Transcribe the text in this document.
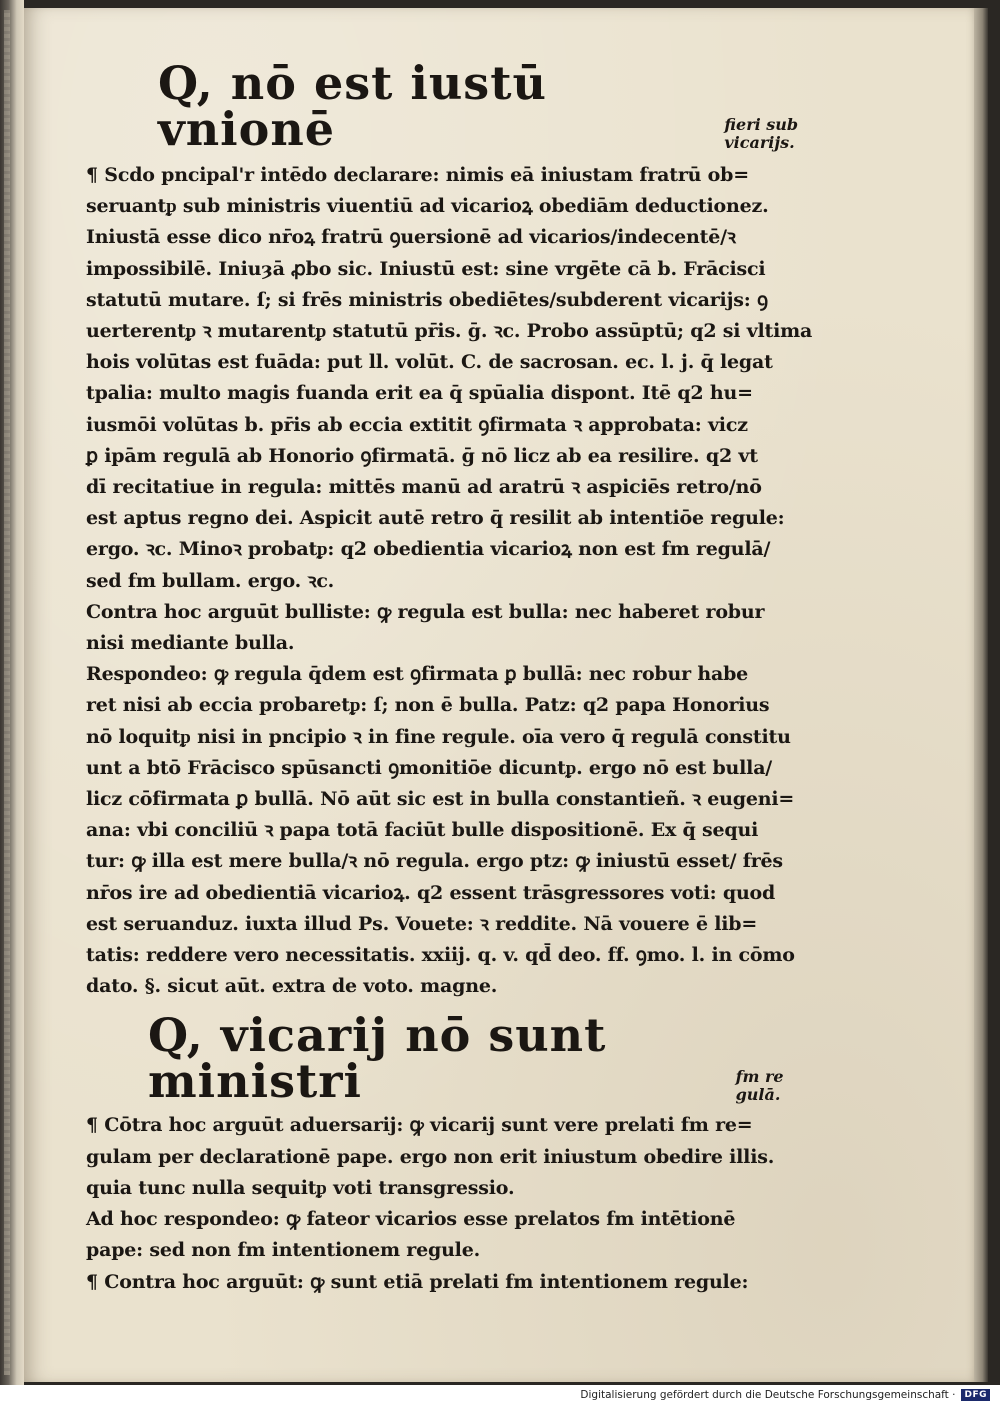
Q, nō est iustū vnionē	fieri sub
vicarijs.
¶ Scdo pncipal'r intēdo declarare: nimis eā iniustam fratrū ob=
seruantᵱ sub ministris viuentiū ad vicarioꝝ obediām deductionez.
Iniustā esse dico nr̄oꝝ fratrū ꝯuersionē ad vicarios/indecentē/ꝛ
impossibilē. Iniuȝā ꝓbo sic. Iniustū est: sine vrgēte cā b. Frācisci
statutū mutare. ſ; si frēs ministris obediētes/subderent vicarijs: ꝯ
uerterentᵱ ꝛ mutarentᵱ statutū pr̄is. ḡ. ꝛc. Probo assūptū; q2 si vltima
hois volūtas est fuāda: put ll. volūt. C. de sacrosan. ec. l. j. q̄ legat
tpalia: multo magis fuanda erit ea q̄ spūalia dispont. Itē q2 hu=
iusmōi volūtas b. pr̄is ab eccia extitit ꝯfirmata ꝛ approbata: vicz
ꝑ ipām regulā ab Honorio ꝯfirmatā. ḡ nō licz ab ea resilire. q2 vt
dī recitatiue in regula: mittēs manū ad aratrū ꝛ aspiciēs retro/nō
est aptus regno dei. Aspicit autē retro q̄ resilit ab intentiōe regule:
ergo. ꝛc. Minoꝛ probatᵱ: q2 obedientia vicarioꝝ non est fm regulā/
sed fm bullam. ergo. ꝛc.
Contra hoc arguūt bulliste: ꝙ regula est bulla: nec haberet robur
nisi mediante bulla.
Respondeo: ꝙ regula q̄dem est ꝯfirmata ꝑ bullā: nec robur habe
ret nisi ab eccia probaretᵱ: ſ; non ē bulla. Patz: q2 papa Honorius
nō loquitᵱ nisi in pncipio ꝛ in fine regule. oīa vero q̄ regulā constitu
unt a btō Frācisco spūsancti ꝯmonitiōe dicuntᵱ. ergo nō est bulla/
licz cōfirmata ꝑ bullā. Nō aūt sic est in bulla constantieñ. ꝛ eugeni=
ana: vbi conciliū ꝛ papa totā faciūt bulle dispositionē. Ex q̄ sequi
tur: ꝙ illa est mere bulla/ꝛ nō regula. ergo ptz: ꝙ iniustū esset/ frēs
nr̄os ire ad obedientiā vicarioꝝ. q2 essent trāsgressores voti: quod
est seruanduz. iuxta illud Ps. Vouete: ꝛ reddite. Nā vouere ē lib=
tatis: reddere vero necessitatis. xxiij. q. v. qd̄ deo. ff. ꝯmo. l. in cōmo
dato. §. sicut aūt. extra de voto. magne.
Q, vicarij nō sunt ministri	fm re
gulā.
¶ Cōtra hoc arguūt aduersarij: ꝙ vicarij sunt vere prelati fm re=
gulam per declarationē pape. ergo non erit iniustum obedire illis.
quia tunc nulla sequitᵱ voti transgressio.
Ad hoc respondeo: ꝙ fateor vicarios esse prelatos fm intētionē
pape: sed non fm intentionem regule.
¶ Contra hoc arguūt: ꝙ sunt etiā prelati fm intentionem regule:
Digitalisierung gefördert durch die Deutsche Forschungsgemeinschaft ·	DFG
